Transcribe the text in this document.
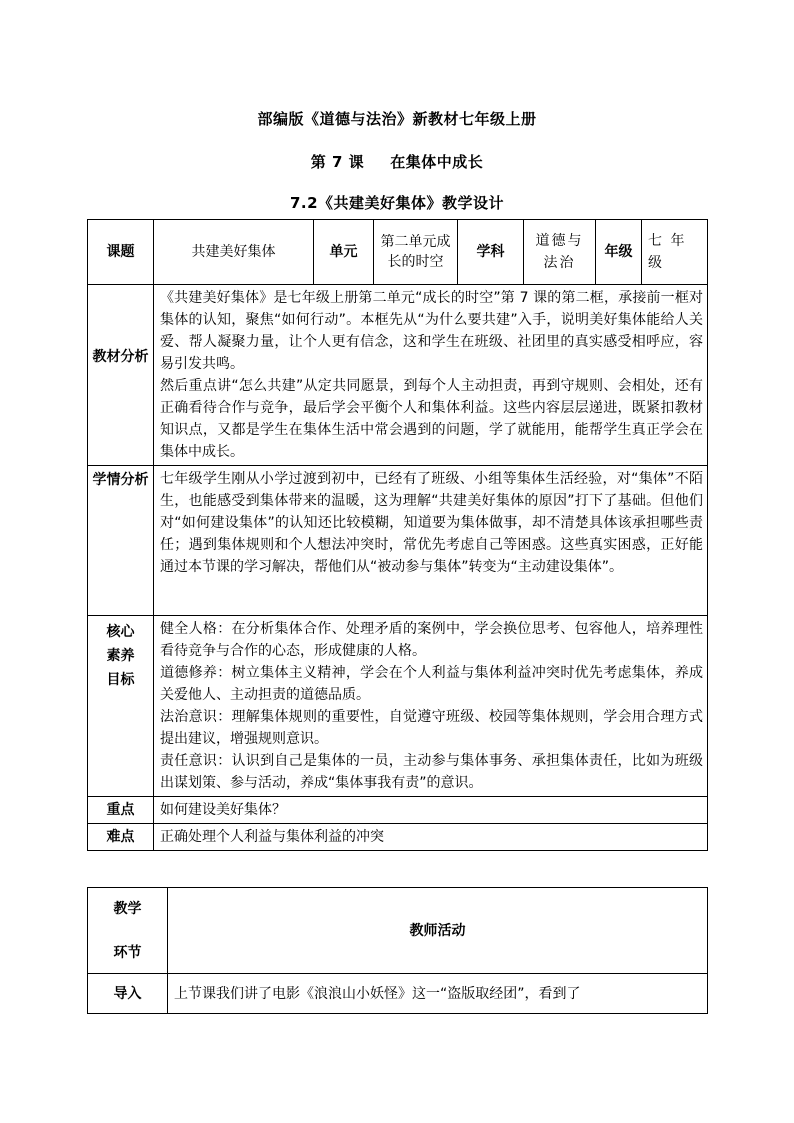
部编版《道德与法治》新教材七年级上册
第 7 课 在集体中成长
7.2《共建美好集体》教学设计
课题	共建美好集体	单元	第二单元成长的时空	学科	道德与法治	年级	七 年级
教材分析	《共建美好集体》是七年级上册第二单元“成长的时空”第 7 课的第二框，承接前一框对集体的认知，聚焦“如何行动”。本框先从“为什么要共建”入手，说明美好集体能给人关爱、帮人凝聚力量，让个人更有信念，这和学生在班级、社团里的真实感受相呼应，容易引发共鸣。

然后重点讲“怎么共建”从定共同愿景，到每个人主动担责，再到守规则、会相处，还有正确看待合作与竞争，最后学会平衡个人和集体利益。这些内容层层递进，既紧扣教材知识点，又都是学生在集体生活中常会遇到的问题，学了就能用，能帮学生真正学会在集体中成长。						

学情分析	七年级学生刚从小学过渡到初中，已经有了班级、小组等集体生活经验，对“集体”不陌生，也能感受到集体带来的温暖，这为理解“共建美好集体的原因”打下了基础。但他们对“如何建设集体”的认知还比较模糊，知道要为集体做事，却不清楚具体该承担哪些责任；遇到集体规则和个人想法冲突时，常优先考虑自己等困惑。这些真实困惑，正好能通过本节课的学习解决，帮他们从“被动参与集体”转变为“主动建设集体”。						

核心素养目标	健全人格：在分析集体合作、处理矛盾的案例中，学会换位思考、包容他人，培养理性看待竞争与合作的心态，形成健康的人格。

道德修养：树立集体主义精神，学会在个人利益与集体利益冲突时优先考虑集体，养成关爱他人、主动担责的道德品质。

法治意识：理解集体规则的重要性，自觉遵守班级、校园等集体规则，学会用合理方式提出建议，增强规则意识。

责任意识：认识到自己是集体的一员，主动参与集体事务、承担集体责任，比如为班级出谋划策、参与活动，养成“集体事我有责”的意识。						

重点	如何建设美好集体？						
难点	正确处理个人利益与集体利益的冲突						
教学
环节	教师活动
导入	上节课我们讲了电影《浪浪山小妖怪》这一“盗版取经团”，看到了
